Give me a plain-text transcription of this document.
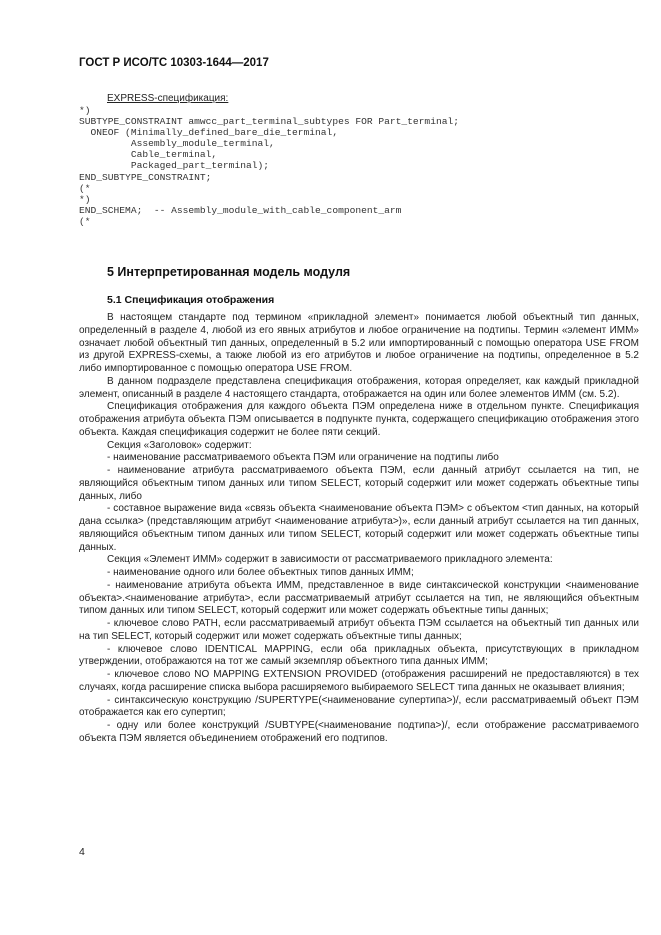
ГОСТ Р ИСО/ТС 10303-1644—2017
EXPRESS-спецификация:
*)
SUBTYPE_CONSTRAINT amwcc_part_terminal_subtypes FOR Part_terminal;
ONEOF (Minimally_defined_bare_die_terminal,
Assembly_module_terminal,
Cable_terminal,
Packaged_part_terminal);
END_SUBTYPE_CONSTRAINT;
(*
*)
END_SCHEMA;  -- Assembly_module_with_cable_component_arm
(*
5 Интерпретированная модель модуля
5.1 Спецификация отображения

В настоящем стандарте под термином «прикладной элемент» понимается любой объектный тип данных, определенный в разделе 4, любой из его явных атрибутов и любое ограничение на подтипы. Термин «элемент ИММ» означает любой объектный тип данных, определенный в 5.2 или импортированный с помощью оператора USE FROM из другой EXPRESS-схемы, а также любой из его атрибутов и любое ограничение на подтипы, определенное в 5.2 либо импортированное с помощью оператора USE FROM.

В данном подразделе представлена спецификация отображения, которая определяет, как каждый прикладной элемент, описанный в разделе 4 настоящего стандарта, отображается на один или более элементов ИММ (см. 5.2).

Спецификация отображения для каждого объекта ПЭМ определена ниже в отдельном пункте. Спецификация отображения атрибута объекта ПЭМ описывается в подпункте пункта, содержащего спецификацию отображения этого объекта. Каждая спецификация содержит не более пяти секций.

Секция «Заголовок» содержит:

- наименование рассматриваемого объекта ПЭМ или ограничение на подтипы либо

- наименование атрибута рассматриваемого объекта ПЭМ, если данный атрибут ссылается на тип, не являющийся объектным типом данных или типом SELECT, который содержит или может содержать объектные типы данных, либо

- составное выражение вида «связь объекта <наименование объекта ПЭМ> с объектом <тип данных, на который дана ссылка> (представляющим атрибут <наименование атрибута>)», если данный атрибут ссылается на тип данных, являющийся объектным типом данных или типом SELECT, который содержит или может содержать объектные типы данных.

Секция «Элемент ИММ» содержит в зависимости от рассматриваемого прикладного элемента:

- наименование одного или более объектных типов данных ИММ;

- наименование атрибута объекта ИММ, представленное в виде синтаксической конструкции <наименование объекта>.<наименование атрибута>, если рассматриваемый атрибут ссылается на тип, не являющийся объектным типом данных или типом SELECT, который содержит или может содержать объектные типы данных;

- ключевое слово PATH, если рассматриваемый атрибут объекта ПЭМ ссылается на объектный тип данных или на тип SELECT, который содержит или может содержать объектные типы данных;

- ключевое слово IDENTICAL MAPPING, если оба прикладных объекта, присутствующих в прикладном утверждении, отображаются на тот же самый экземпляр объектного типа данных ИММ;

- ключевое слово NO MAPPING EXTENSION PROVIDED (отображения расширений не предоставляются) в тех случаях, когда расширение списка выбора расширяемого выбираемого SELECT типа данных не оказывает влияния;

- синтаксическую конструкцию /SUPERTYPE(<наименование супертипа>)/, если рассматриваемый объект ПЭМ отображается как его супертип;

- одну или более конструкций /SUBTYPE(<наименование подтипа>)/, если отображение рассматриваемого объекта ПЭМ является объединением отображений его подтипов.

4
